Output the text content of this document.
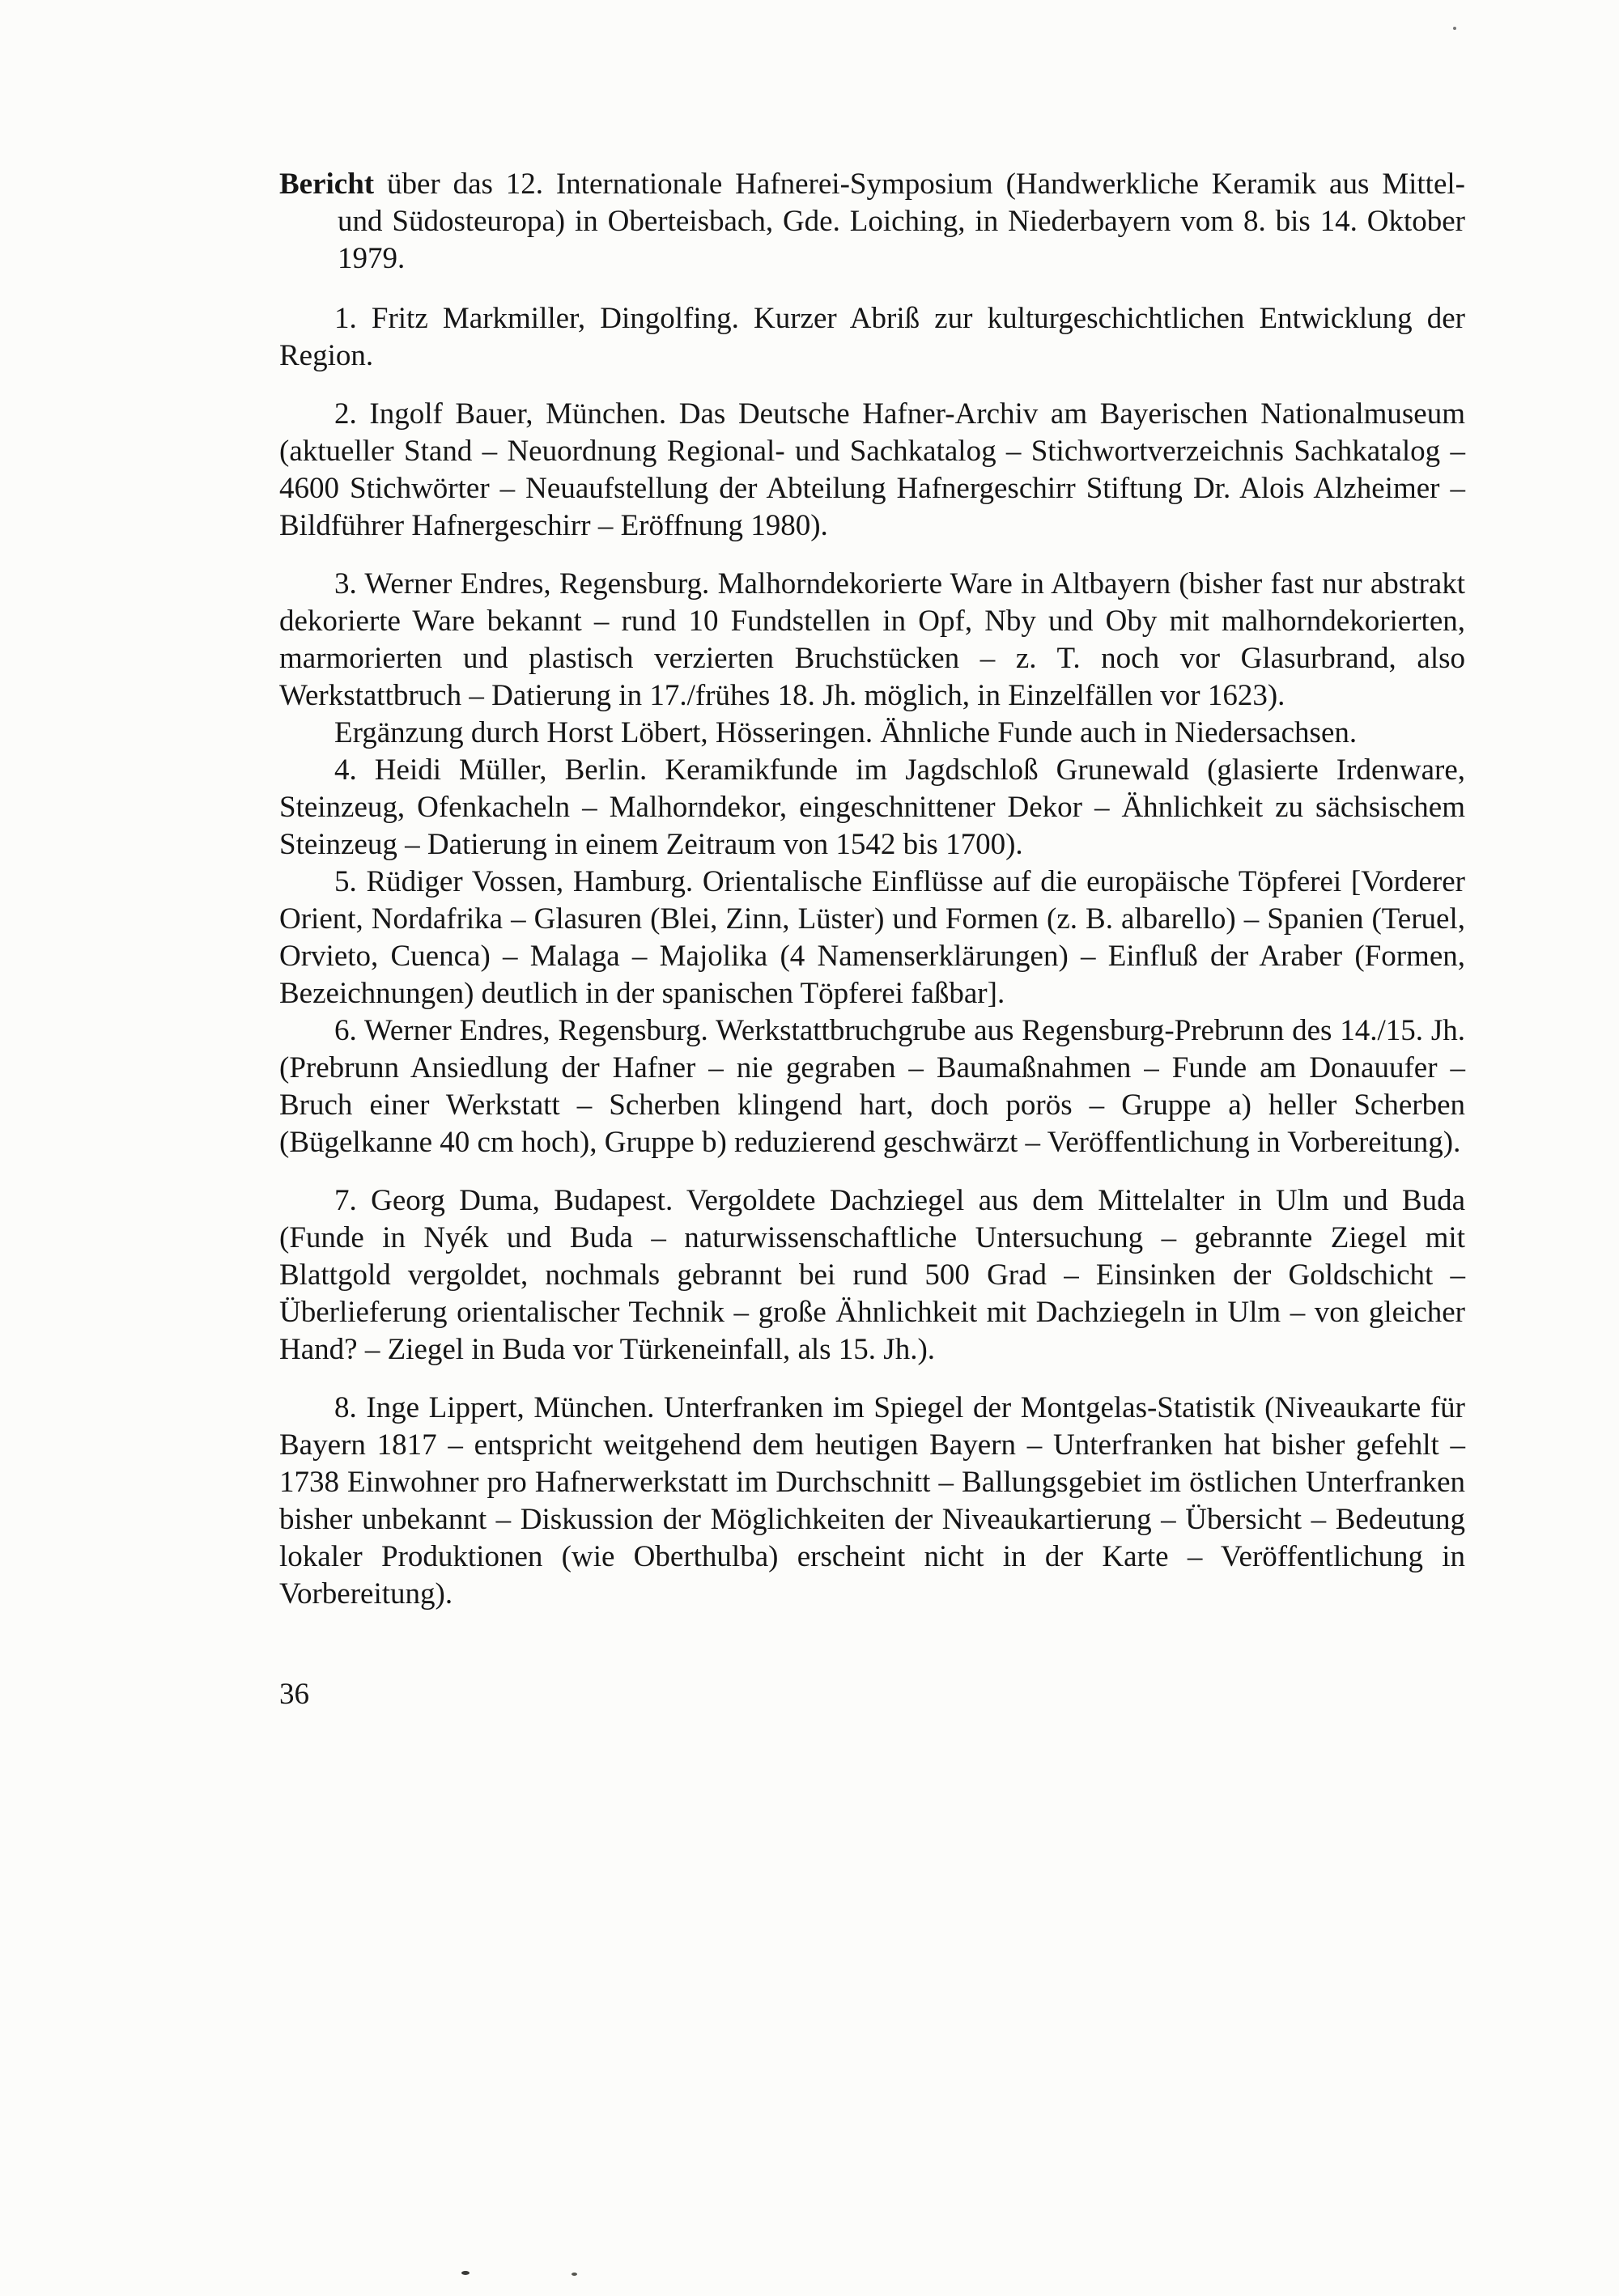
Bericht über das 12. Internationale Hafnerei-Symposium (Handwerkliche Keramik aus Mittel- und Südosteuropa) in Oberteisbach, Gde. Loiching, in Niederbayern vom 8. bis 14. Oktober 1979.

1. Fritz Markmiller, Dingolfing. Kurzer Abriß zur kulturgeschichtlichen Entwicklung der Region.

2. Ingolf Bauer, München. Das Deutsche Hafner-Archiv am Bayerischen Nationalmuseum (aktueller Stand – Neuordnung Regional- und Sachkatalog – Stichwortverzeichnis Sachkatalog – 4600 Stichwörter – Neuaufstellung der Abteilung Hafnergeschirr Stiftung Dr. Alois Alzheimer – Bildführer Hafnergeschirr – Eröffnung 1980).

3. Werner Endres, Regensburg. Malhorndekorierte Ware in Altbayern (bisher fast nur abstrakt dekorierte Ware bekannt – rund 10 Fundstellen in Opf, Nby und Oby mit malhorndekorierten, marmorierten und plastisch verzierten Bruchstücken – z. T. noch vor Glasurbrand, also Werkstattbruch – Datierung in 17./frühes 18. Jh. möglich, in Einzelfällen vor 1623).

Ergänzung durch Horst Löbert, Hösseringen. Ähnliche Funde auch in Niedersachsen.

4. Heidi Müller, Berlin. Keramikfunde im Jagdschloß Grunewald (glasierte Irdenware, Steinzeug, Ofenkacheln – Malhorndekor, eingeschnittener Dekor – Ähnlichkeit zu sächsischem Steinzeug – Datierung in einem Zeitraum von 1542 bis 1700).

5. Rüdiger Vossen, Hamburg. Orientalische Einflüsse auf die europäische Töpferei [Vorderer Orient, Nordafrika – Glasuren (Blei, Zinn, Lüster) und Formen (z. B. albarello) – Spanien (Teruel, Orvieto, Cuenca) – Malaga – Majolika (4 Namenserklärungen) – Einfluß der Araber (Formen, Bezeichnungen) deutlich in der spanischen Töpferei faßbar].

6. Werner Endres, Regensburg. Werkstattbruchgrube aus Regensburg-Prebrunn des 14./15. Jh. (Prebrunn Ansiedlung der Hafner – nie gegraben – Baumaßnahmen – Funde am Donauufer – Bruch einer Werkstatt – Scherben klingend hart, doch porös – Gruppe a) heller Scherben (Bügelkanne 40 cm hoch), Gruppe b) reduzierend geschwärzt – Veröffentlichung in Vorbereitung).

7. Georg Duma, Budapest. Vergoldete Dachziegel aus dem Mittelalter in Ulm und Buda (Funde in Nyék und Buda – naturwissenschaftliche Untersuchung – gebrannte Ziegel mit Blattgold vergoldet, nochmals gebrannt bei rund 500 Grad – Einsinken der Goldschicht – Überlieferung orientalischer Technik – große Ähnlichkeit mit Dachziegeln in Ulm – von gleicher Hand? – Ziegel in Buda vor Türkeneinfall, als 15. Jh.).

8. Inge Lippert, München. Unterfranken im Spiegel der Montgelas-Statistik (Niveaukarte für Bayern 1817 – entspricht weitgehend dem heutigen Bayern – Unterfranken hat bisher gefehlt – 1738 Einwohner pro Hafnerwerkstatt im Durchschnitt – Ballungsgebiet im östlichen Unterfranken bisher unbekannt – Diskussion der Möglichkeiten der Niveaukartierung – Übersicht – Bedeutung lokaler Produktionen (wie Oberthulba) erscheint nicht in der Karte – Veröffentlichung in Vorbereitung).

36
